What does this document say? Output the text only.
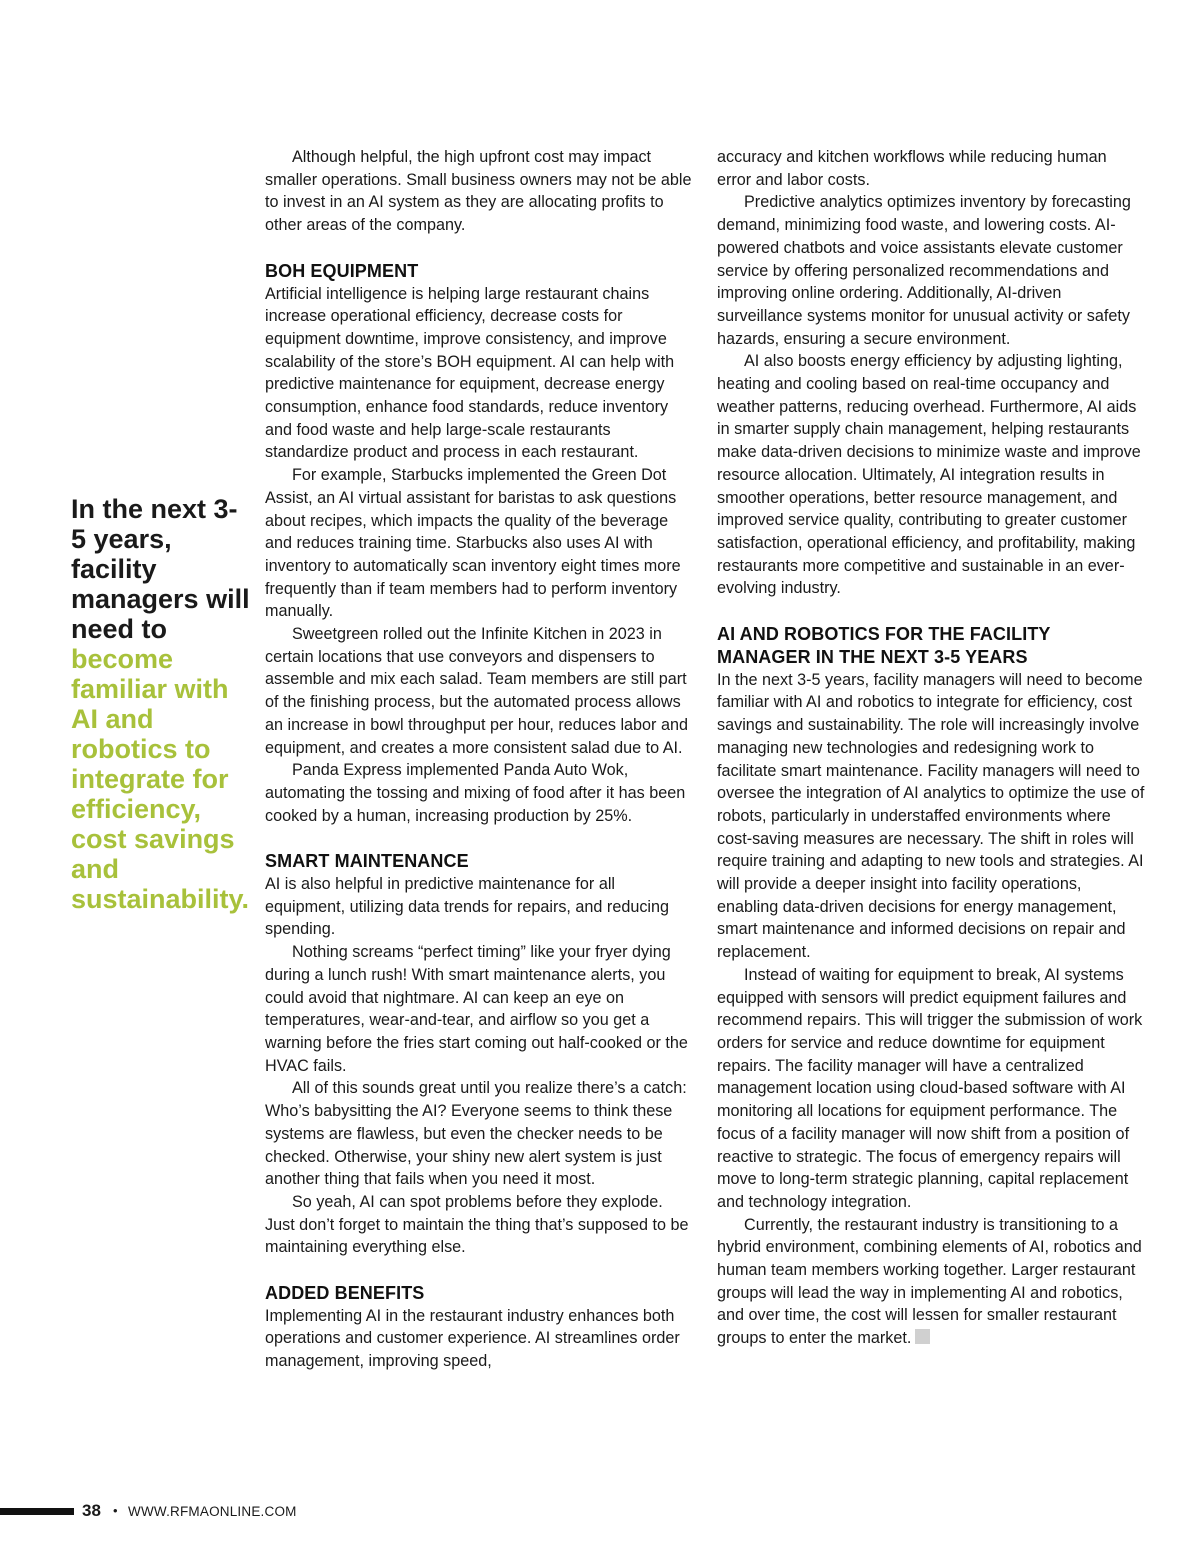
In the next 3-5 years, facility managers will need to become familiar with AI and robotics to integrate for efficiency, cost savings and sustainability.

Although helpful, the high upfront cost may impact smaller operations. Small business owners may not be able to invest in an AI system as they are allocating profits to other areas of the company.

BOH EQUIPMENT

Artificial intelligence is helping large restaurant chains increase operational efficiency, decrease costs for equipment downtime, improve consistency, and improve scalability of the store’s BOH equipment. AI can help with predictive maintenance for equipment, decrease energy consumption, enhance food standards, reduce inventory and food waste and help large-scale restaurants standardize product and process in each restaurant.

For example, Starbucks implemented the Green Dot Assist, an AI virtual assistant for baristas to ask questions about recipes, which impacts the quality of the beverage and reduces training time. Starbucks also uses AI with inventory to automatically scan inventory eight times more frequently than if team members had to perform inventory manually.

Sweetgreen rolled out the Infinite Kitchen in 2023 in certain locations that use conveyors and dispensers to assemble and mix each salad. Team members are still part of the finishing process, but the automated process allows an increase in bowl throughput per hour, reduces labor and equipment, and creates a more consistent salad due to AI.

Panda Express implemented Panda Auto Wok, automating the tossing and mixing of food after it has been cooked by a human, increasing production by 25%.

SMART MAINTENANCE

AI is also helpful in predictive maintenance for all equipment, utilizing data trends for repairs, and reducing spending.

Nothing screams “perfect timing” like your fryer dying during a lunch rush! With smart maintenance alerts, you could avoid that nightmare. AI can keep an eye on temperatures, wear-and-tear, and airflow so you get a warning before the fries start coming out half-cooked or the HVAC fails.

All of this sounds great until you realize there’s a catch: Who’s babysitting the AI? Everyone seems to think these systems are flawless, but even the checker needs to be checked. Otherwise, your shiny new alert system is just another thing that fails when you need it most.

So yeah, AI can spot problems before they explode. Just don’t forget to maintain the thing that’s supposed to be maintaining everything else.

ADDED BENEFITS

Implementing AI in the restaurant industry enhances both operations and customer experience. AI streamlines order management, improving speed,

accuracy and kitchen workflows while reducing human error and labor costs.

Predictive analytics optimizes inventory by forecasting demand, minimizing food waste, and lowering costs. AI-powered chatbots and voice assistants elevate customer service by offering personalized recommendations and improving online ordering. Additionally, AI-driven surveillance systems monitor for unusual activity or safety hazards, ensuring a secure environment.

AI also boosts energy efficiency by adjusting lighting, heating and cooling based on real-time occupancy and weather patterns, reducing overhead. Furthermore, AI aids in smarter supply chain management, helping restaurants make data-driven decisions to minimize waste and improve resource allocation. Ultimately, AI integration results in smoother operations, better resource management, and improved service quality, contributing to greater customer satisfaction, operational efficiency, and profitability, making restaurants more competitive and sustainable in an ever-evolving industry.

AI AND ROBOTICS FOR THE FACILITY MANAGER IN THE NEXT 3-5 YEARS

In the next 3-5 years, facility managers will need to become familiar with AI and robotics to integrate for efficiency, cost savings and sustainability. The role will increasingly involve managing new technologies and redesigning work to facilitate smart maintenance. Facility managers will need to oversee the integration of AI analytics to optimize the use of robots, particularly in understaffed environments where cost-saving measures are necessary. The shift in roles will require training and adapting to new tools and strategies. AI will provide a deeper insight into facility operations, enabling data-driven decisions for energy management, smart maintenance and informed decisions on repair and replacement.

Instead of waiting for equipment to break, AI systems equipped with sensors will predict equipment failures and recommend repairs. This will trigger the submission of work orders for service and reduce downtime for equipment repairs. The facility manager will have a centralized management location using cloud-based software with AI monitoring all locations for equipment performance. The focus of a facility manager will now shift from a position of reactive to strategic. The focus of emergency repairs will move to long-term strategic planning, capital replacement and technology integration.

Currently, the restaurant industry is transitioning to a hybrid environment, combining elements of AI, robotics and human team members working together. Larger restaurant groups will lead the way in implementing AI and robotics, and over time, the cost will lessen for smaller restaurant groups to enter the market.

38 • WWW.RFMAONLINE.COM
